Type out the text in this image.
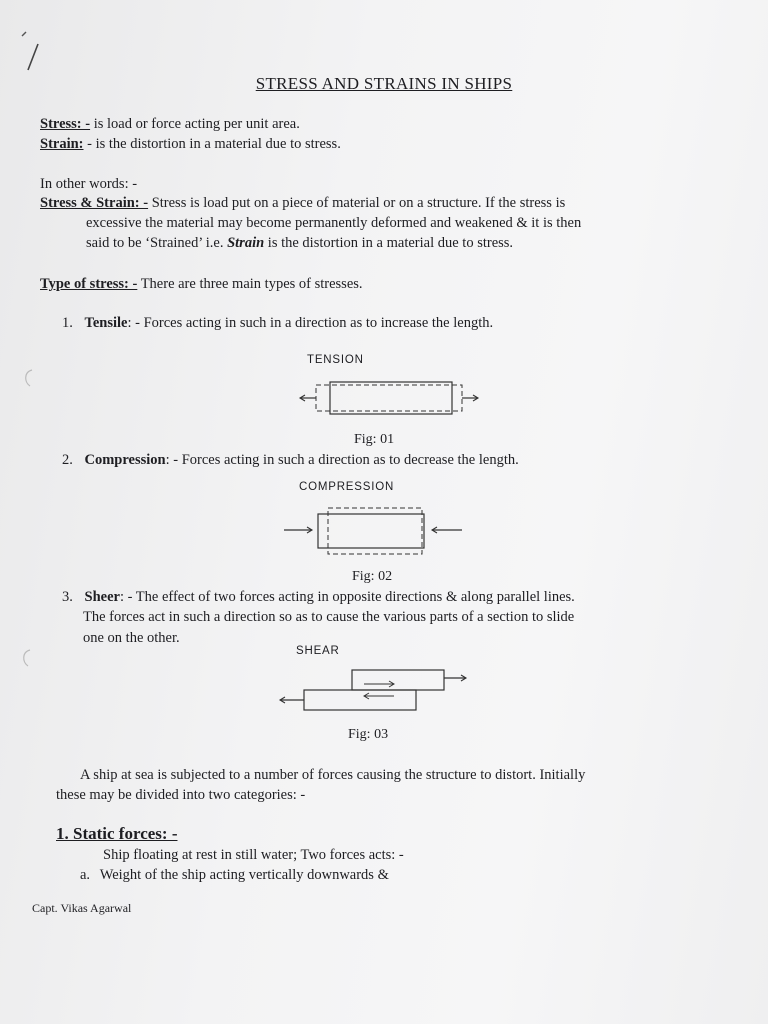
STRESS AND STRAINS IN SHIPS
Stress: - is load or force acting per unit area.
Strain: - is the distortion in a material due to stress.
In other words: -
Stress & Strain: - Stress is load put on a piece of material or on a structure. If the stress is
excessive the material may become permanently deformed and weakened & it is then
said to be ‘Strained’ i.e. Strain is the distortion in a material due to stress.
Type of stress: - There are three main types of stresses.
1. Tensile: - Forces acting in such in a direction as to increase the length.
TENSION
Fig: 01
2. Compression: - Forces acting in such a direction as to decrease the length.
COMPRESSION
Fig: 02
3. Sheer: - The effect of two forces acting in opposite directions & along parallel lines.
The forces act in such a direction so as to cause the various parts of a section to slide
one on the other.
SHEAR
Fig: 03
A ship at sea is subjected to a number of forces causing the structure to distort. Initially
these may be divided into two categories: -
1. Static forces: -
Ship floating at rest in still water; Two forces acts: -
a. Weight of the ship acting vertically downwards &
Capt. Vikas Agarwal
